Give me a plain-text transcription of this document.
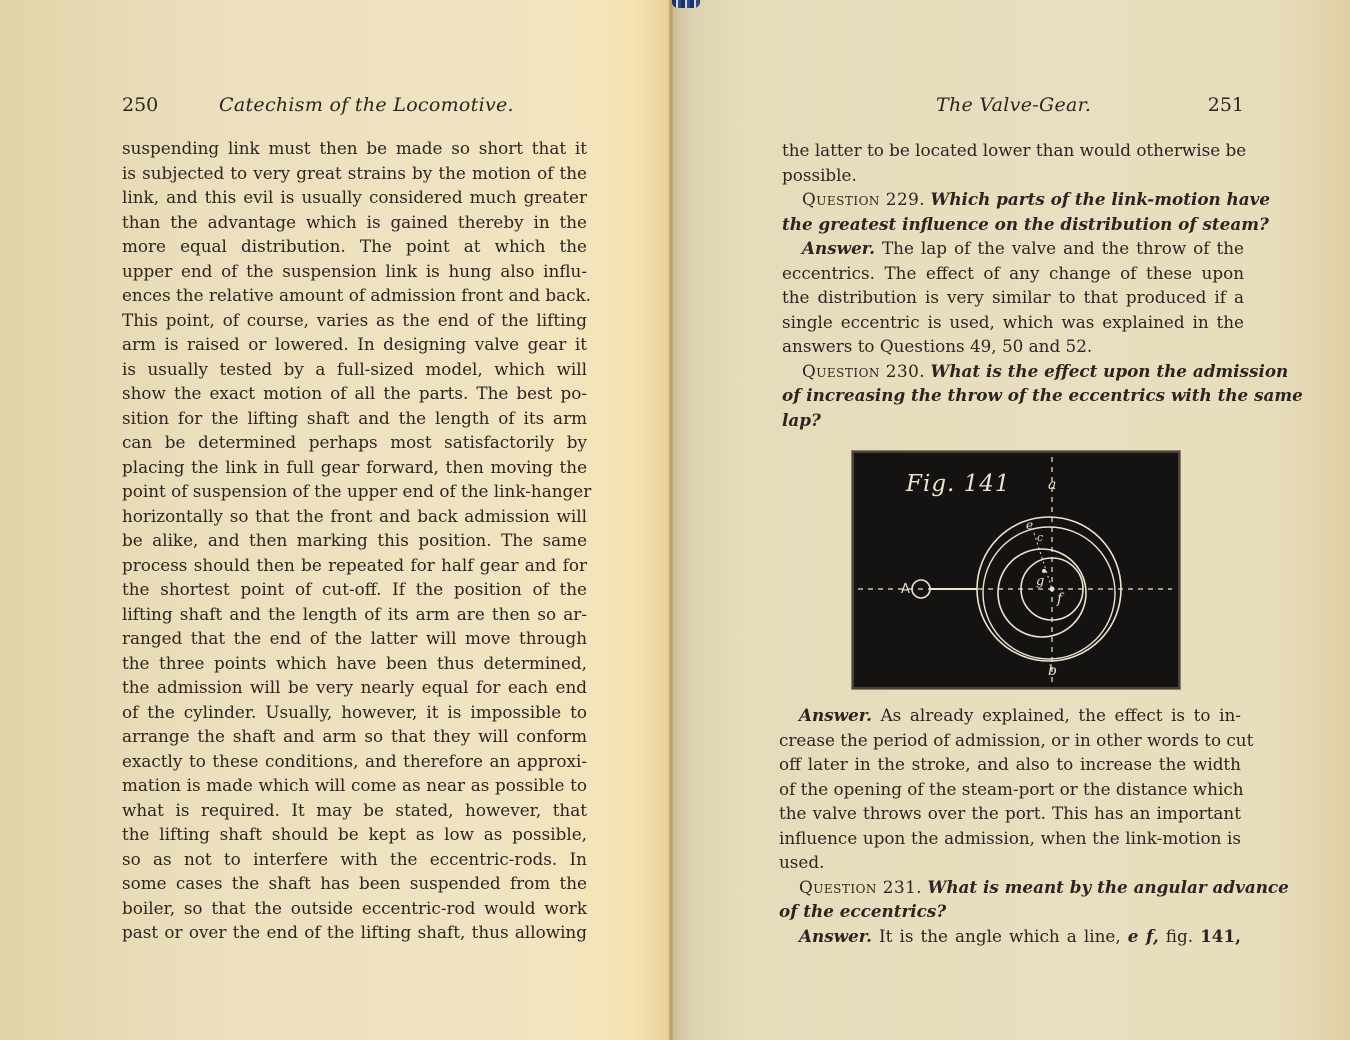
250	Catechism of the Locomotive.
suspending link must then be made so short that it
is subjected to very great strains by the motion of the
link, and this evil is usually considered much greater
than the advantage which is gained thereby in the
more equal distribution. The point at which the
upper end of the suspension link is hung also influ-
ences the relative amount of admission front and back.
This point, of course, varies as the end of the lifting
arm is raised or lowered. In designing valve gear it
is usually tested by a full-sized model, which will
show the exact motion of all the parts. The best po-
sition for the lifting shaft and the length of its arm
can be determined perhaps most satisfactorily by
placing the link in full gear forward, then moving the
point of suspension of the upper end of the link-hanger
horizontally so that the front and back admission will
be alike, and then marking this position. The same
process should then be repeated for half gear and for
the shortest point of cut-off. If the position of the
lifting shaft and the length of its arm are then so ar-
ranged that the end of the latter will move through
the three points which have been thus determined,
the admission will be very nearly equal for each end
of the cylinder. Usually, however, it is impossible to
arrange the shaft and arm so that they will conform
exactly to these conditions, and therefore an approxi-
mation is made which will come as near as possible to
what is required. It may be stated, however, that
the lifting shaft should be kept as low as possible,
so as not to interfere with the eccentric-rods. In
some cases the shaft has been suspended from the
boiler, so that the outside eccentric-rod would work
past or over the end of the lifting shaft, thus allowing
The Valve-Gear.	251
the latter to be located lower than would otherwise be
possible.
Question 229. Which parts of the link-motion have
the greatest influence on the distribution of steam?
Answer. The lap of the valve and the throw of the
eccentrics. The effect of any change of these upon
the distribution is very similar to that produced if a
single eccentric is used, which was explained in the
answers to Questions 49, 50 and 52.
Question 230. What is the effect upon the admission
of increasing the throw of the eccentrics with the same
lap?
A
a
b
e
c
g
f
Fig. 141
Answer. As already explained, the effect is to in-
crease the period of admission, or in other words to cut
off later in the stroke, and also to increase the width
of the opening of the steam-port or the distance which
the valve throws over the port. This has an important
influence upon the admission, when the link-motion is
used.
Question 231. What is meant by the angular advance
of the eccentrics?
Answer. It is the angle which a line, e f, fig. 141,
